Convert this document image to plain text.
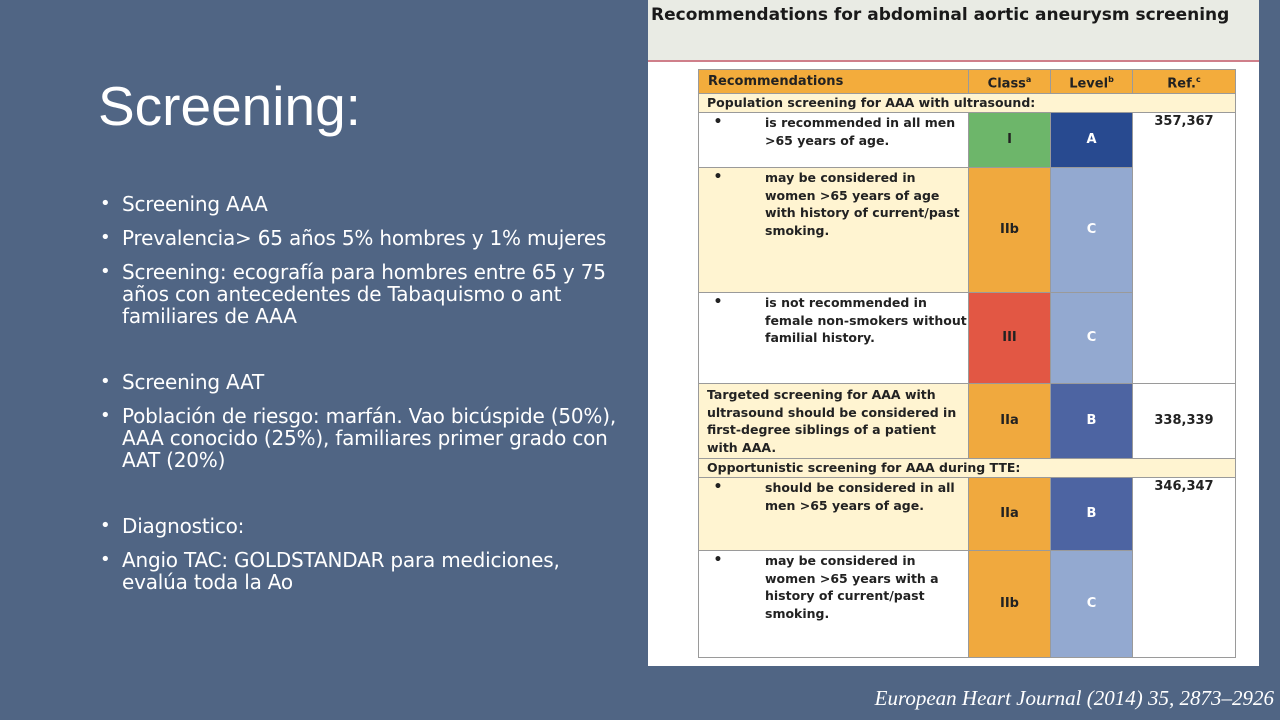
Screening:
• Screening AAA
• Prevalencia> 65 años 5% hombres y 1% mujeres
• Screening: ecografía para hombres entre 65 y 75 años con antecedentes de Tabaquismo o ant familiares de AAA
• Screening AAT
• Población de riesgo: marfán. Vao bicúspide (50%), AAA conocido (25%), familiares primer grado con AAT (20%)
• Diagnostico:
• Angio TAC: GOLDSTANDAR para mediciones, evalúa toda la Ao
Recommendations for abdominal aortic aneurysm screening
Recommendations	Class$^a$	Level$^b$	Ref.$^c$
Population screening for AAA with ultrasound:			

• is recommended in all men >65 years of age.	I	A	357,367

• may be considered in women >65 years of age with history of current/past smoking.	IIb	C	

• is not recommended in female non-smokers without familial history.	III	C	
Targeted screening for AAA with ultrasound should be considered in first-degree siblings of a patient with AAA.	IIa	B	338,339
Opportunistic screening for AAA during TTE:			

• should be considered in all men >65 years of age.	IIa	B	346,347

• may be considered in women >65 years with a history of current/past smoking.	IIb	C	
European Heart Journal (2014) 35, 2873–2926
